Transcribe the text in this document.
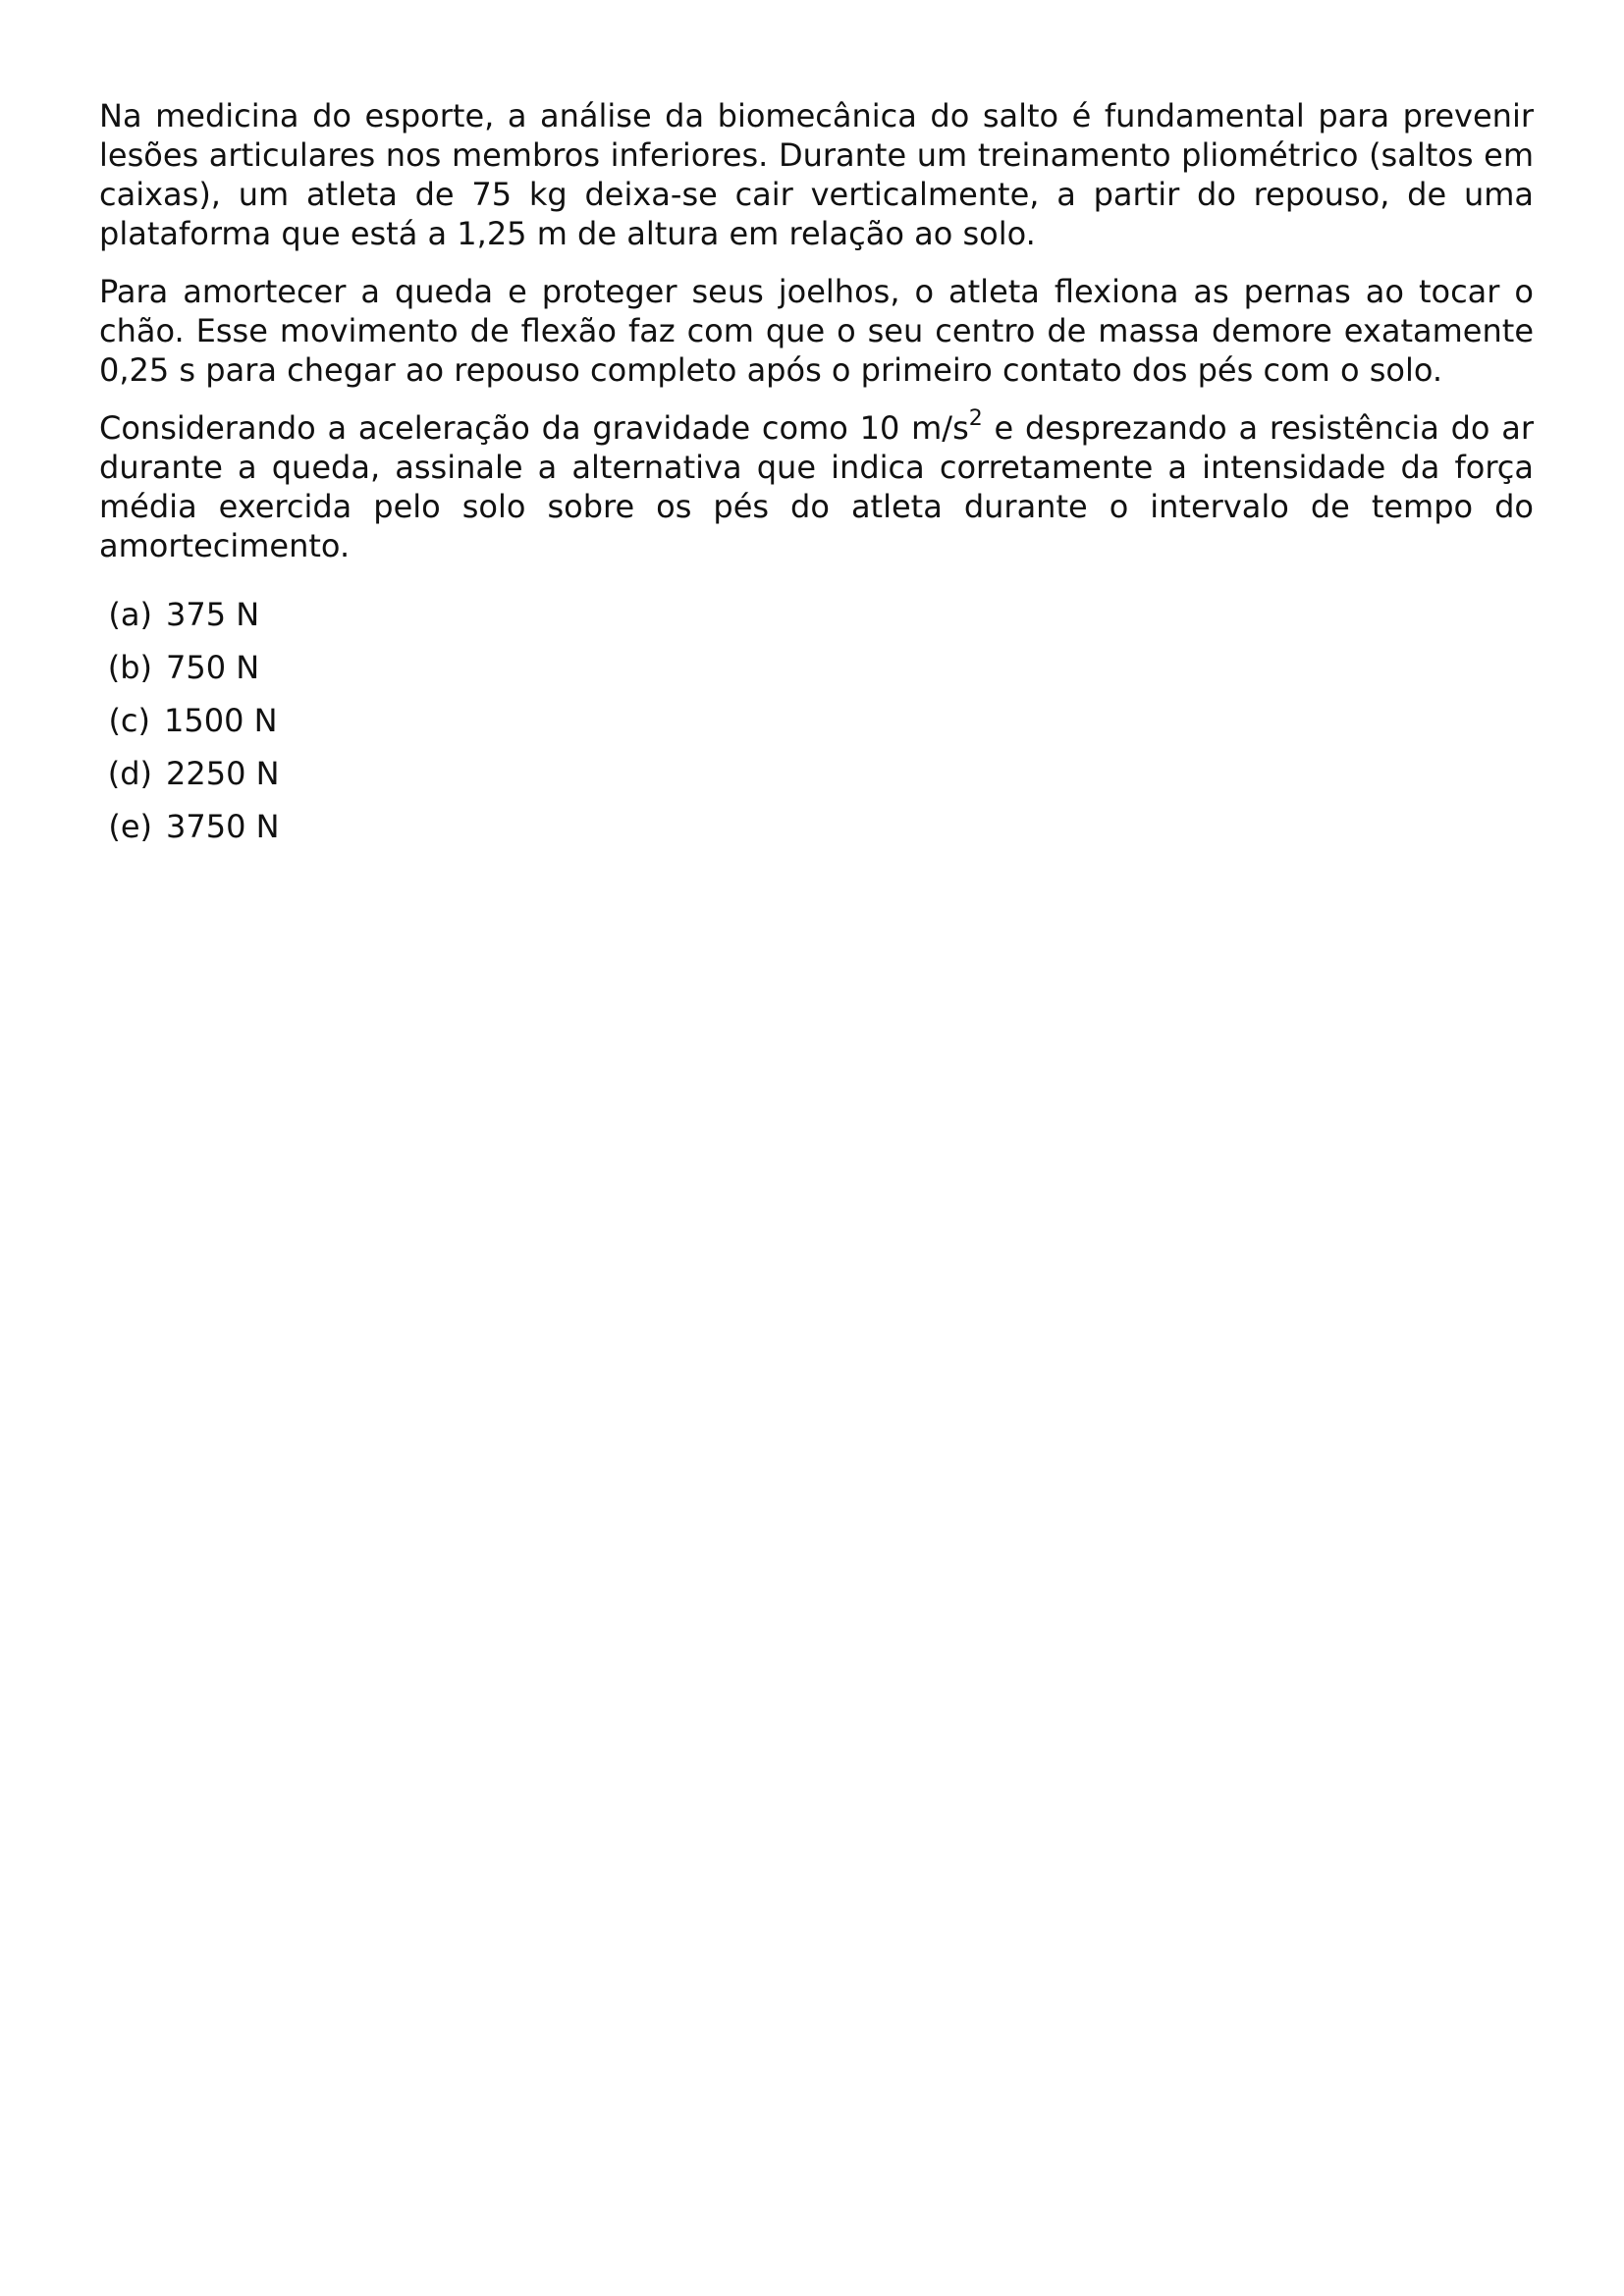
Na medicina do esporte, a análise da biomecânica do salto é fundamental para prevenir lesões articulares nos membros inferiores. Durante um treinamento pliométrico (saltos em caixas), um atleta de 75 kg deixa-se cair verticalmente, a partir do repouso, de uma plataforma que está a 1,25 m de altura em relação ao solo.

Para amortecer a queda e proteger seus joelhos, o atleta flexiona as pernas ao tocar o chão. Esse movimento de flexão faz com que o seu centro de massa demore exatamente 0,25 s para chegar ao repouso completo após o primeiro contato dos pés com o solo.

Considerando a aceleração da gravidade como 10 $m/s^2$ e desprezando a resistência do ar durante a queda, assinale a alternativa que indica corretamente a intensidade da força média exercida pelo solo sobre os pés do atleta durante o intervalo de tempo do amortecimento.

(a) 375 N
(b) 750 N
(c) 1500 N
(d) 2250 N
(e) 3750 N
